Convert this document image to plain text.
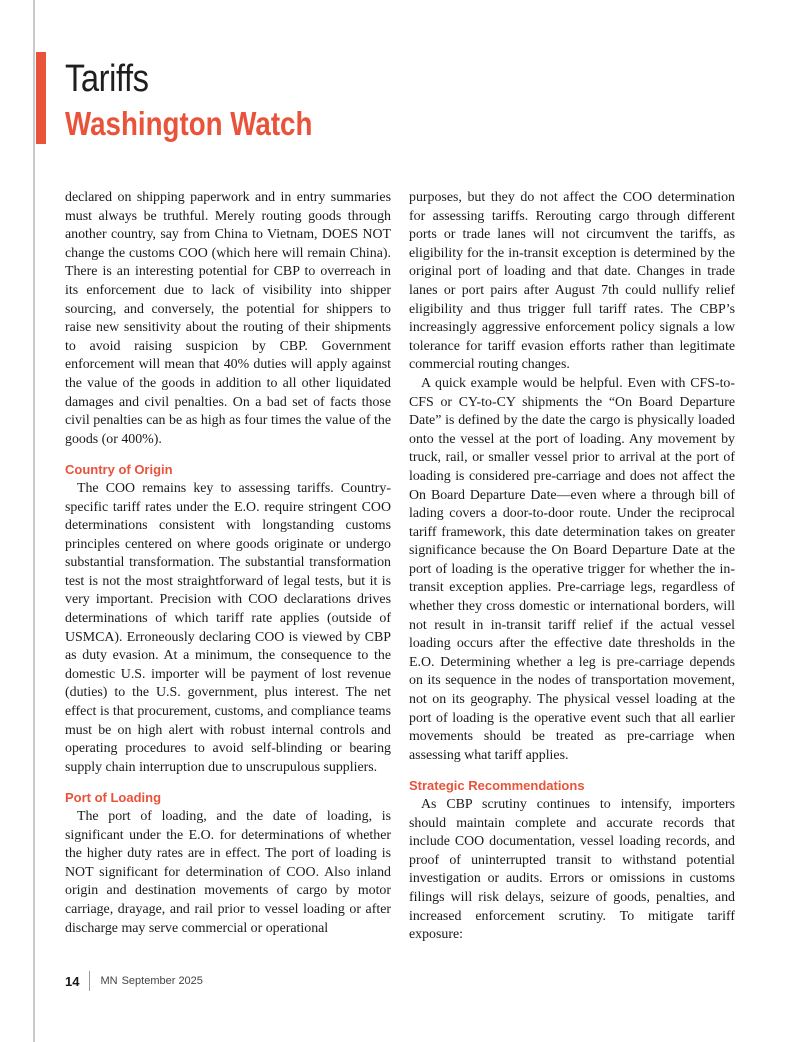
Tariffs
Washington Watch

declared on shipping paperwork and in entry summaries must always be truthful. Merely routing goods through another country, say from China to Vietnam, DOES NOT change the customs COO (which here will remain China). There is an interesting potential for CBP to overreach in its enforcement due to lack of visibility into shipper sourcing, and conversely, the potential for shippers to raise new sensitivity about the routing of their shipments to avoid raising suspicion by CBP. Government enforcement will mean that 40% duties will apply against the value of the goods in addition to all other liquidated damages and civil penalties. On a bad set of facts those civil penalties can be as high as four times the value of the goods (or 400%).

Country of Origin

The COO remains key to assessing tariffs. Country-specific tariff rates under the E.O. require stringent COO determinations consistent with longstanding customs principles centered on where goods originate or undergo substantial transformation. The substantial transformation test is not the most straightforward of legal tests, but it is very important. Precision with COO declarations drives determinations of which tariff rate applies (outside of USMCA). Erroneously declaring COO is viewed by CBP as duty evasion. At a minimum, the consequence to the domestic U.S. importer will be payment of lost revenue (duties) to the U.S. government, plus interest. The net effect is that procurement, customs, and compliance teams must be on high alert with robust internal controls and operating procedures to avoid self-blinding or bearing supply chain interruption due to unscrupulous suppliers.

Port of Loading

The port of loading, and the date of loading, is significant under the E.O. for determinations of whether the higher duty rates are in effect. The port of loading is NOT significant for determination of COO. Also inland origin and destination movements of cargo by motor carriage, drayage, and rail prior to vessel loading or after discharge may serve commercial or operational

purposes, but they do not affect the COO determination for assessing tariffs. Rerouting cargo through different ports or trade lanes will not circumvent the tariffs, as eligibility for the in-transit exception is determined by the original port of loading and that date. Changes in trade lanes or port pairs after August 7th could nullify relief eligibility and thus trigger full tariff rates. The CBP’s increasingly aggressive enforcement policy signals a low tolerance for tariff evasion efforts rather than legitimate commercial routing changes.

A quick example would be helpful. Even with CFS-to-CFS or CY-to-CY shipments the “On Board Departure Date” is defined by the date the cargo is physically loaded onto the vessel at the port of loading. Any movement by truck, rail, or smaller vessel prior to arrival at the port of loading is considered pre-carriage and does not affect the On Board Departure Date—even where a through bill of lading covers a door-to-door route. Under the reciprocal tariff framework, this date determination takes on greater significance because the On Board Departure Date at the port of loading is the operative trigger for whether the in-transit exception applies. Pre-carriage legs, regardless of whether they cross domestic or international borders, will not result in in-transit tariff relief if the actual vessel loading occurs after the effective date thresholds in the E.O. Determining whether a leg is pre-carriage depends on its sequence in the nodes of transportation movement, not on its geography. The physical vessel loading at the port of loading is the operative event such that all earlier movements should be treated as pre-carriage when assessing what tariff applies.

Strategic Recommendations

As CBP scrutiny continues to intensify, importers should maintain complete and accurate records that include COO documentation, vessel loading records, and proof of uninterrupted transit to withstand potential investigation or audits. Errors or omissions in customs filings will risk delays, seizure of goods, penalties, and increased enforcement scrutiny. To mitigate tariff exposure:

14 MN September 2025
